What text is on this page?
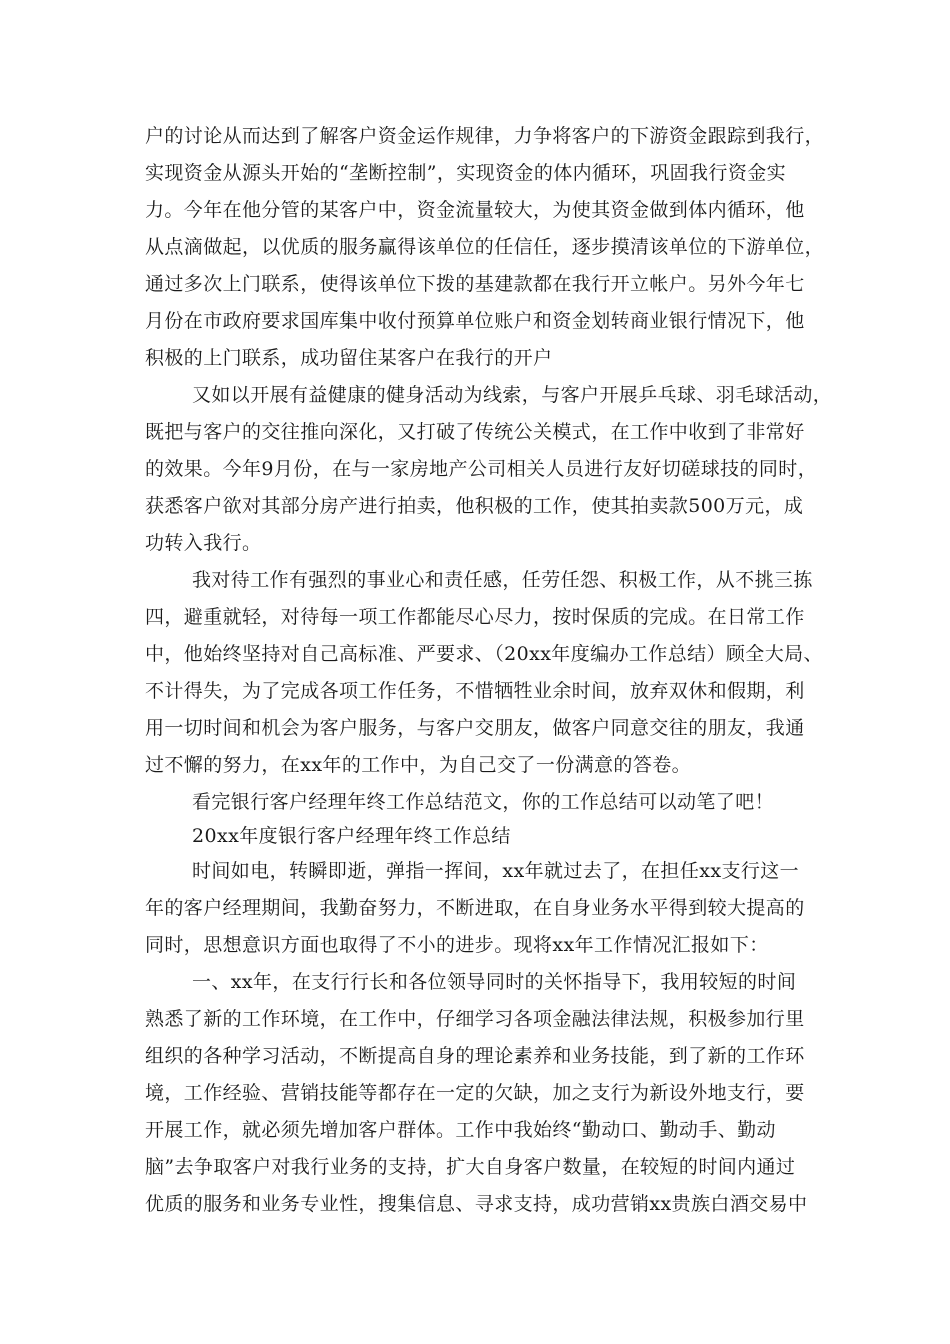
户的讨论从而达到了解客户资金运作规律，力争将客户的下游资金跟踪到我行，
实现资金从源头开始的“垄断控制”，实现资金的体内循环，巩固我行资金实
力。今年在他分管的某客户中，资金流量较大，为使其资金做到体内循环，他
从点滴做起，以优质的服务赢得该单位的任信任，逐步摸清该单位的下游单位，
通过多次上门联系，使得该单位下拨的基建款都在我行开立帐户。另外今年七
月份在市政府要求国库集中收付预算单位账户和资金划转商业银行情况下，他
积极的上门联系，成功留住某客户在我行的开户
又如以开展有益健康的健身活动为线索，与客户开展乒乓球、羽毛球活动，
既把与客户的交往推向深化，又打破了传统公关模式，在工作中收到了非常好
的效果。今年9月份，在与一家房地产公司相关人员进行友好切磋球技的同时，
获悉客户欲对其部分房产进行拍卖，他积极的工作，使其拍卖款500万元，成
功转入我行。
我对待工作有强烈的事业心和责任感，任劳任怨、积极工作，从不挑三拣
四，避重就轻，对待每一项工作都能尽心尽力，按时保质的完成。在日常工作
中，他始终坚持对自己高标准、严要求、（20xx年度编办工作总结）顾全大局、
不计得失，为了完成各项工作任务，不惜牺牲业余时间，放弃双休和假期，利
用一切时间和机会为客户服务，与客户交朋友，做客户同意交往的朋友，我通
过不懈的努力，在xx年的工作中，为自己交了一份满意的答卷。
看完银行客户经理年终工作总结范文，你的工作总结可以动笔了吧！
20xx年度银行客户经理年终工作总结
时间如电，转瞬即逝，弹指一挥间，xx年就过去了，在担任xx支行这一
年的客户经理期间，我勤奋努力，不断进取，在自身业务水平得到较大提高的
同时，思想意识方面也取得了不小的进步。现将xx年工作情况汇报如下：
一、xx年，在支行行长和各位领导同时的关怀指导下，我用较短的时间
熟悉了新的工作环境，在工作中，仔细学习各项金融法律法规，积极参加行里
组织的各种学习活动，不断提高自身的理论素养和业务技能，到了新的工作环
境，工作经验、营销技能等都存在一定的欠缺，加之支行为新设外地支行，要
开展工作，就必须先增加客户群体。工作中我始终“勤动口、勤动手、勤动
脑”去争取客户对我行业务的支持，扩大自身客户数量，在较短的时间内通过
优质的服务和业务专业性，搜集信息、寻求支持，成功营销xx贵族白酒交易中
